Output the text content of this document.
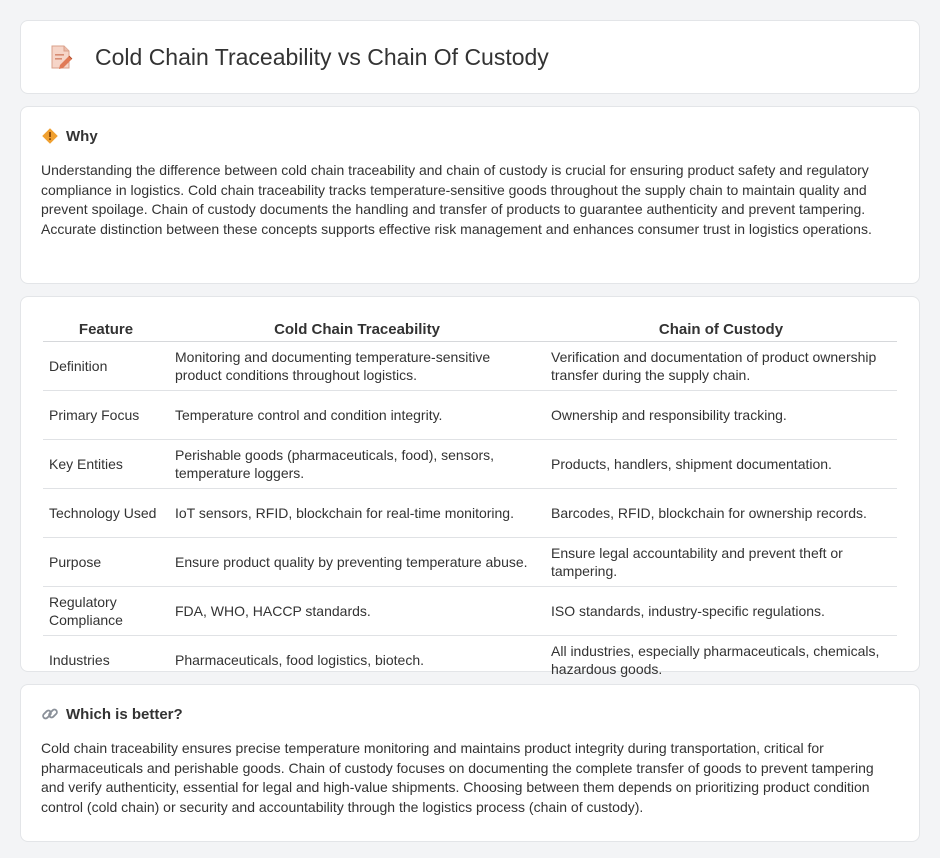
Cold Chain Traceability vs Chain Of Custody
Why

Understanding the difference between cold chain traceability and chain of custody is crucial for ensuring product safety and regulatory compliance in logistics. Cold chain traceability tracks temperature-sensitive goods throughout the supply chain to maintain quality and prevent spoilage. Chain of custody documents the handling and transfer of products to guarantee authenticity and prevent tampering. Accurate distinction between these concepts supports effective risk management and enhances consumer trust in logistics operations.

Feature	Cold Chain Traceability	Chain of Custody
Definition	Monitoring and documenting temperature-sensitive product conditions throughout logistics.	Verification and documentation of product ownership transfer during the supply chain.
Primary Focus	Temperature control and condition integrity.	Ownership and responsibility tracking.
Key Entities	Perishable goods (pharmaceuticals, food), sensors, temperature loggers.	Products, handlers, shipment documentation.
Technology Used	IoT sensors, RFID, blockchain for real-time monitoring.	Barcodes, RFID, blockchain for ownership records.
Purpose	Ensure product quality by preventing temperature abuse.	Ensure legal accountability and prevent theft or tampering.
Regulatory Compliance	FDA, WHO, HACCP standards.	ISO standards, industry-specific regulations.
Industries	Pharmaceuticals, food logistics, biotech.	All industries, especially pharmaceuticals, chemicals, hazardous goods.
Which is better?

Cold chain traceability ensures precise temperature monitoring and maintains product integrity during transportation, critical for pharmaceuticals and perishable goods. Chain of custody focuses on documenting the complete transfer of goods to prevent tampering and verify authenticity, essential for legal and high-value shipments. Choosing between them depends on prioritizing product condition control (cold chain) or security and accountability through the logistics process (chain of custody).
